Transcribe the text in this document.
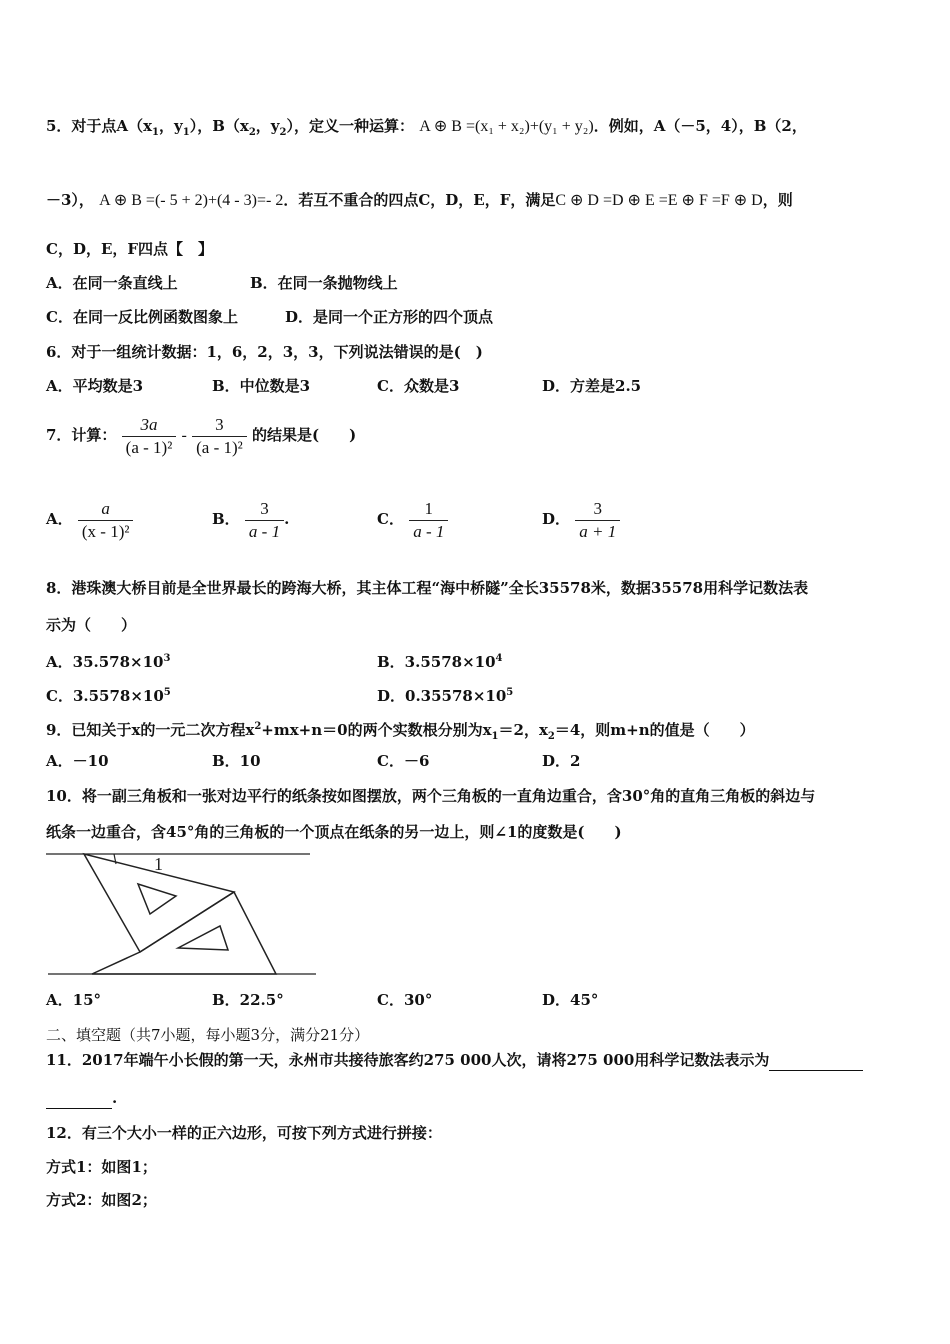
5．对于点$A(x_1$，$y_1$），$B(x_2$，$y_2$），定义一种运算： A ⊕ B =(x₁ + x₂)+(y₁ + y₂)．例如，A（－5，4），B（2，
－3）， A ⊕ B =(- 5 + 2)+(4 - 3)=- 2．若互不重合的四点C，D，E，F，满足C ⊕ D =D ⊕ E =E ⊕ F =F ⊕ D，则
C，D，E，F四点【　】
A．在同一条直线上	B．在同一条抛物线上
C．在同一反比例函数图象上	D．是同一个正方形的四个顶点
6．对于一组统计数据：1，6，2，3，3，下列说法错误的是(　)
A．平均数是3	B．中位数是3	C．众数是3	D．方差是2.5
7．计算： $\frac{3a}{\text{(a - 1)²}} - \frac{3}{\text{(a - 1)²}}$ 的结果是(　　)
A． $\frac{a}{\text{(x - 1)²}}$	B． $\frac{3}{a - 1}$ .	C． $\frac{1}{a - 1}$	D． $\frac{3}{a + 1}$
8．港珠澳大桥目前是全世界最长的跨海大桥，其主体工程“海中桥隧”全长35578米，数据35578用科学记数法表
示为（　　）
A．$35.578\times 10^3$	B．$3.5578\times 10^4$
C．$3.5578\times 10^5$	D．$0.35578\times 10^5$
9．已知关于x的一元二次方程$x^2+mx+n=0$的两个实数根分别为$x_1=2$，$x_2=4$，则m+n的值是（　　）
A．－10	B．10	C．－6	D．2
10．将一副三角板和一张对边平行的纸条按如图摆放，两个三角板的一直角边重合，含30°角的直角三角板的斜边与
纸条一边重合，含45°角的三角板的一个顶点在纸条的另一边上，则∠1的度数是(　　)
1
A．15°	B．22.5°	C．30°	D．45°
二、填空题（共7小题，每小题3分，满分21分）
11．2017年端午小长假的第一天，永州市共接待旅客约275 000人次，请将275 000用科学记数法表示为
.
12．有三个大小一样的正六边形，可按下列方式进行拼接：
方式1：如图1；
方式2：如图2；
